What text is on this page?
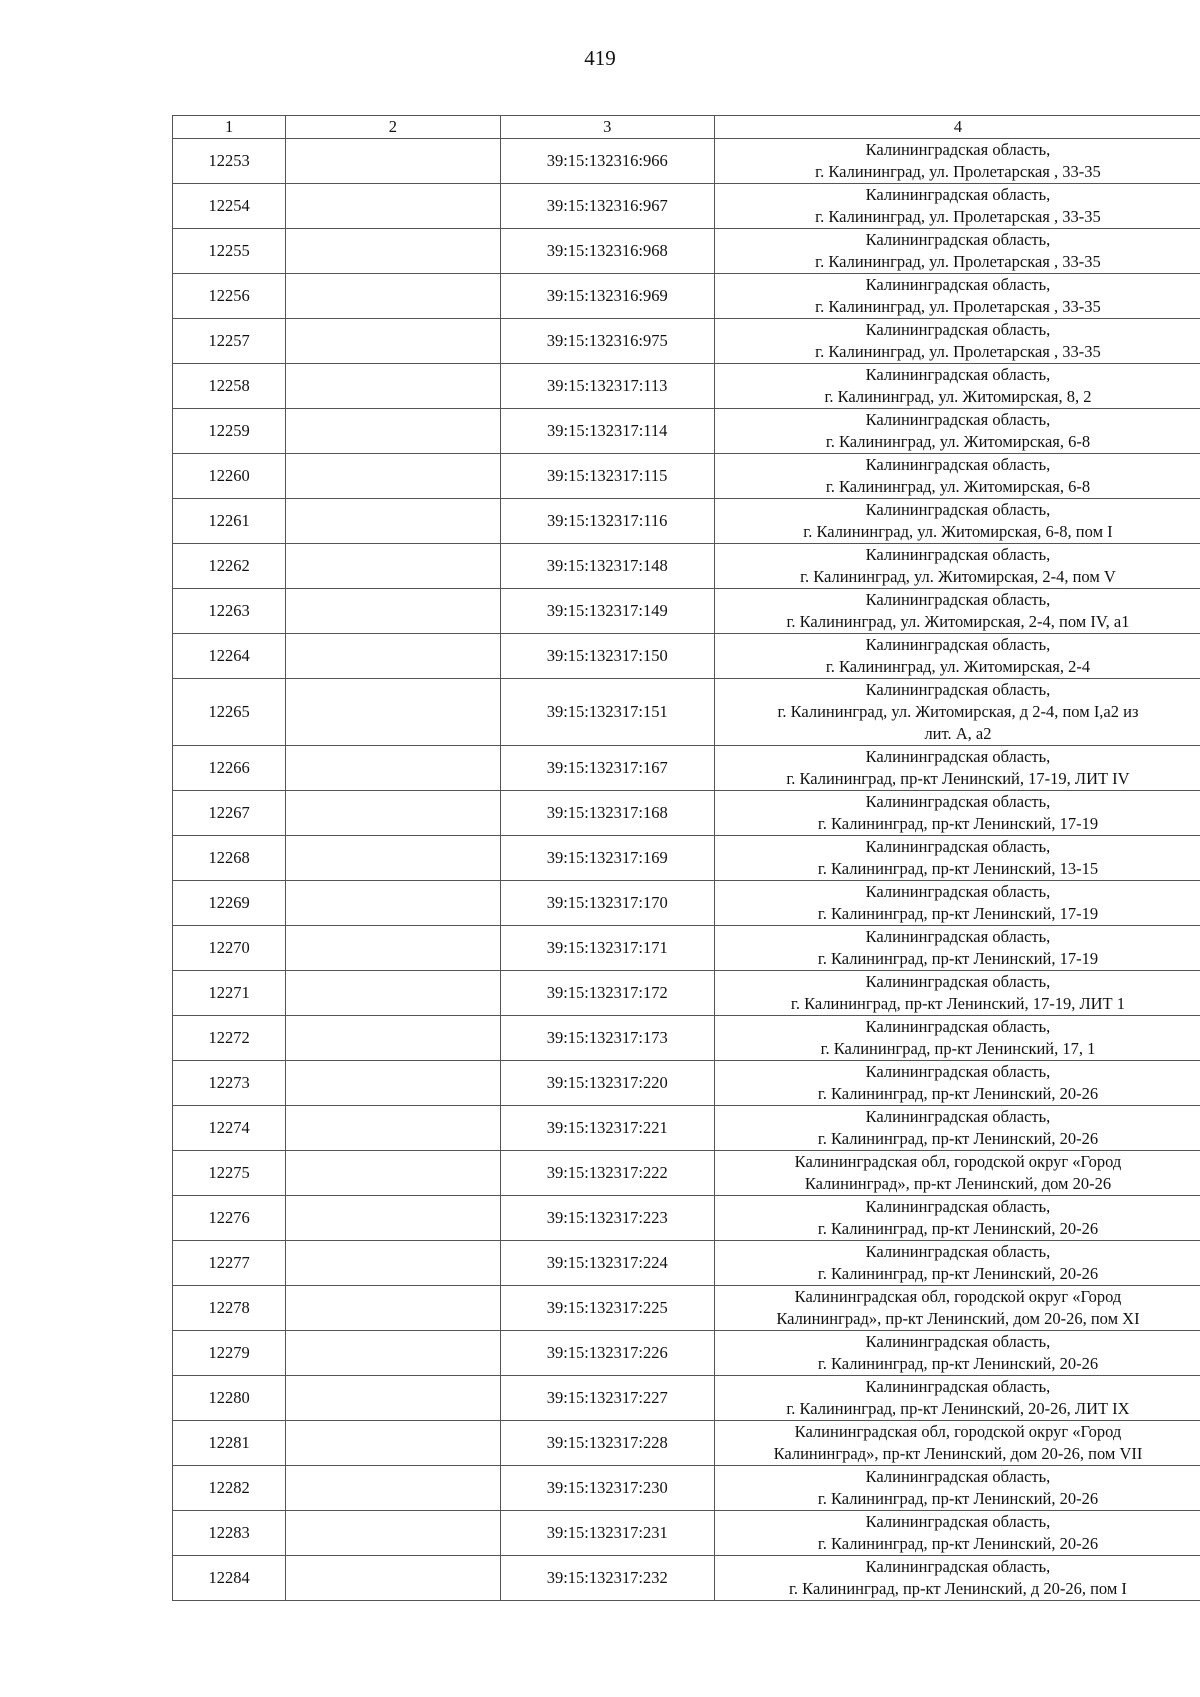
419
1	2	3	4
12253		39:15:132316:966	Калининградская область,
г. Калининград, ул. Пролетарская , 33-35

12254		39:15:132316:967	Калининградская область,
г. Калининград, ул. Пролетарская , 33-35

12255		39:15:132316:968	Калининградская область,
г. Калининград, ул. Пролетарская , 33-35

12256		39:15:132316:969	Калининградская область,
г. Калининград, ул. Пролетарская , 33-35

12257		39:15:132316:975	Калининградская область,
г. Калининград, ул. Пролетарская , 33-35

12258		39:15:132317:113	Калининградская область,
г. Калининград, ул. Житомирская, 8, 2

12259		39:15:132317:114	Калининградская область,
г. Калининград, ул. Житомирская, 6-8

12260		39:15:132317:115	Калининградская область,
г. Калининград, ул. Житомирская, 6-8

12261		39:15:132317:116	Калининградская область,
г. Калининград, ул. Житомирская, 6-8, пом I

12262		39:15:132317:148	Калининградская область,
г. Калининград, ул. Житомирская, 2-4, пом V

12263		39:15:132317:149	Калининградская область,
г. Калининград, ул. Житомирская, 2-4, пом IV, а1

12264		39:15:132317:150	Калининградская область,
г. Калининград, ул. Житомирская, 2-4

12265		39:15:132317:151	Калининградская область,
г. Калининград, ул. Житомирская, д 2-4, пом I,а2 из
лит. А, а2

12266		39:15:132317:167	Калининградская область,
г. Калининград, пр-кт Ленинский, 17-19, ЛИТ IV

12267		39:15:132317:168	Калининградская область,
г. Калининград, пр-кт Ленинский, 17-19

12268		39:15:132317:169	Калининградская область,
г. Калининград, пр-кт Ленинский, 13-15

12269		39:15:132317:170	Калининградская область,
г. Калининград, пр-кт Ленинский, 17-19

12270		39:15:132317:171	Калининградская область,
г. Калининград, пр-кт Ленинский, 17-19

12271		39:15:132317:172	Калининградская область,
г. Калининград, пр-кт Ленинский, 17-19, ЛИТ 1

12272		39:15:132317:173	Калининградская область,
г. Калининград, пр-кт Ленинский, 17, 1

12273		39:15:132317:220	Калининградская область,
г. Калининград, пр-кт Ленинский, 20-26

12274		39:15:132317:221	Калининградская область,
г. Калининград, пр-кт Ленинский, 20-26

12275		39:15:132317:222	Калининградская обл, городской округ «Город
Калининград», пр-кт Ленинский, дом 20-26

12276		39:15:132317:223	Калининградская область,
г. Калининград, пр-кт Ленинский, 20-26

12277		39:15:132317:224	Калининградская область,
г. Калининград, пр-кт Ленинский, 20-26

12278		39:15:132317:225	Калининградская обл, городской округ «Город
Калининград», пр-кт Ленинский, дом 20-26, пом XI

12279		39:15:132317:226	Калининградская область,
г. Калининград, пр-кт Ленинский, 20-26

12280		39:15:132317:227	Калининградская область,
г. Калининград, пр-кт Ленинский, 20-26, ЛИТ IX

12281		39:15:132317:228	Калининградская обл, городской округ «Город
Калининград», пр-кт Ленинский, дом 20-26, пом VII

12282		39:15:132317:230	Калининградская область,
г. Калининград, пр-кт Ленинский, 20-26

12283		39:15:132317:231	Калининградская область,
г. Калининград, пр-кт Ленинский, 20-26

12284		39:15:132317:232	Калининградская область,
г. Калининград, пр-кт Ленинский, д 20-26, пом I
